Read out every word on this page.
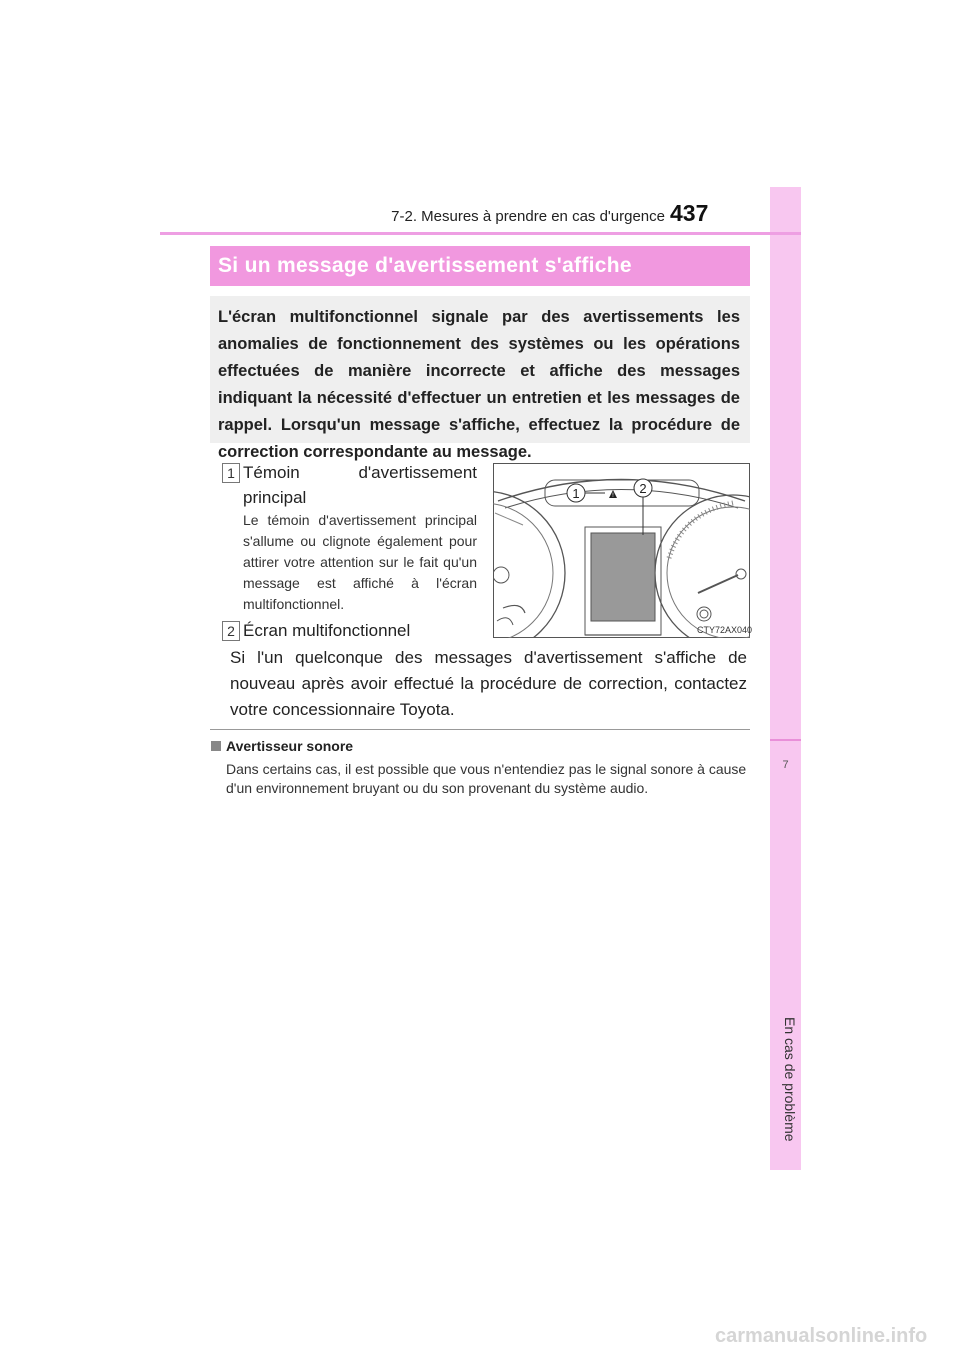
7
En cas de problème
7-2. Mesures à prendre en cas d'urgence 437
Si un message d'avertissement s'affiche
L'écran multifonctionnel signale par des avertissements les anomalies de fonctionnement des systèmes ou les opérations effectuées de manière incorrecte et affiche des messages indiquant la nécessité d'effectuer un entretien et les messages de rappel. Lorsqu'un message s'affiche, effectuez la procédure de correction correspondante au message.
1 Témoin d'avertissement principal
Le témoin d'avertissement principal s'allume ou clignote également pour attirer votre attention sur le fait qu'un message est affiché à l'écran multifonctionnel.
2 Écran multifonctionnel
Si l'un quelconque des messages d'avertissement s'affiche de nouveau après avoir effectué la procédure de correction, contactez votre concessionnaire Toyota.
!
1	2
CTY72AX040
Avertisseur sonore
Dans certains cas, il est possible que vous n'entendiez pas le signal sonore à cause d'un environnement bruyant ou du son provenant du système audio.
carmanualsonline.info
